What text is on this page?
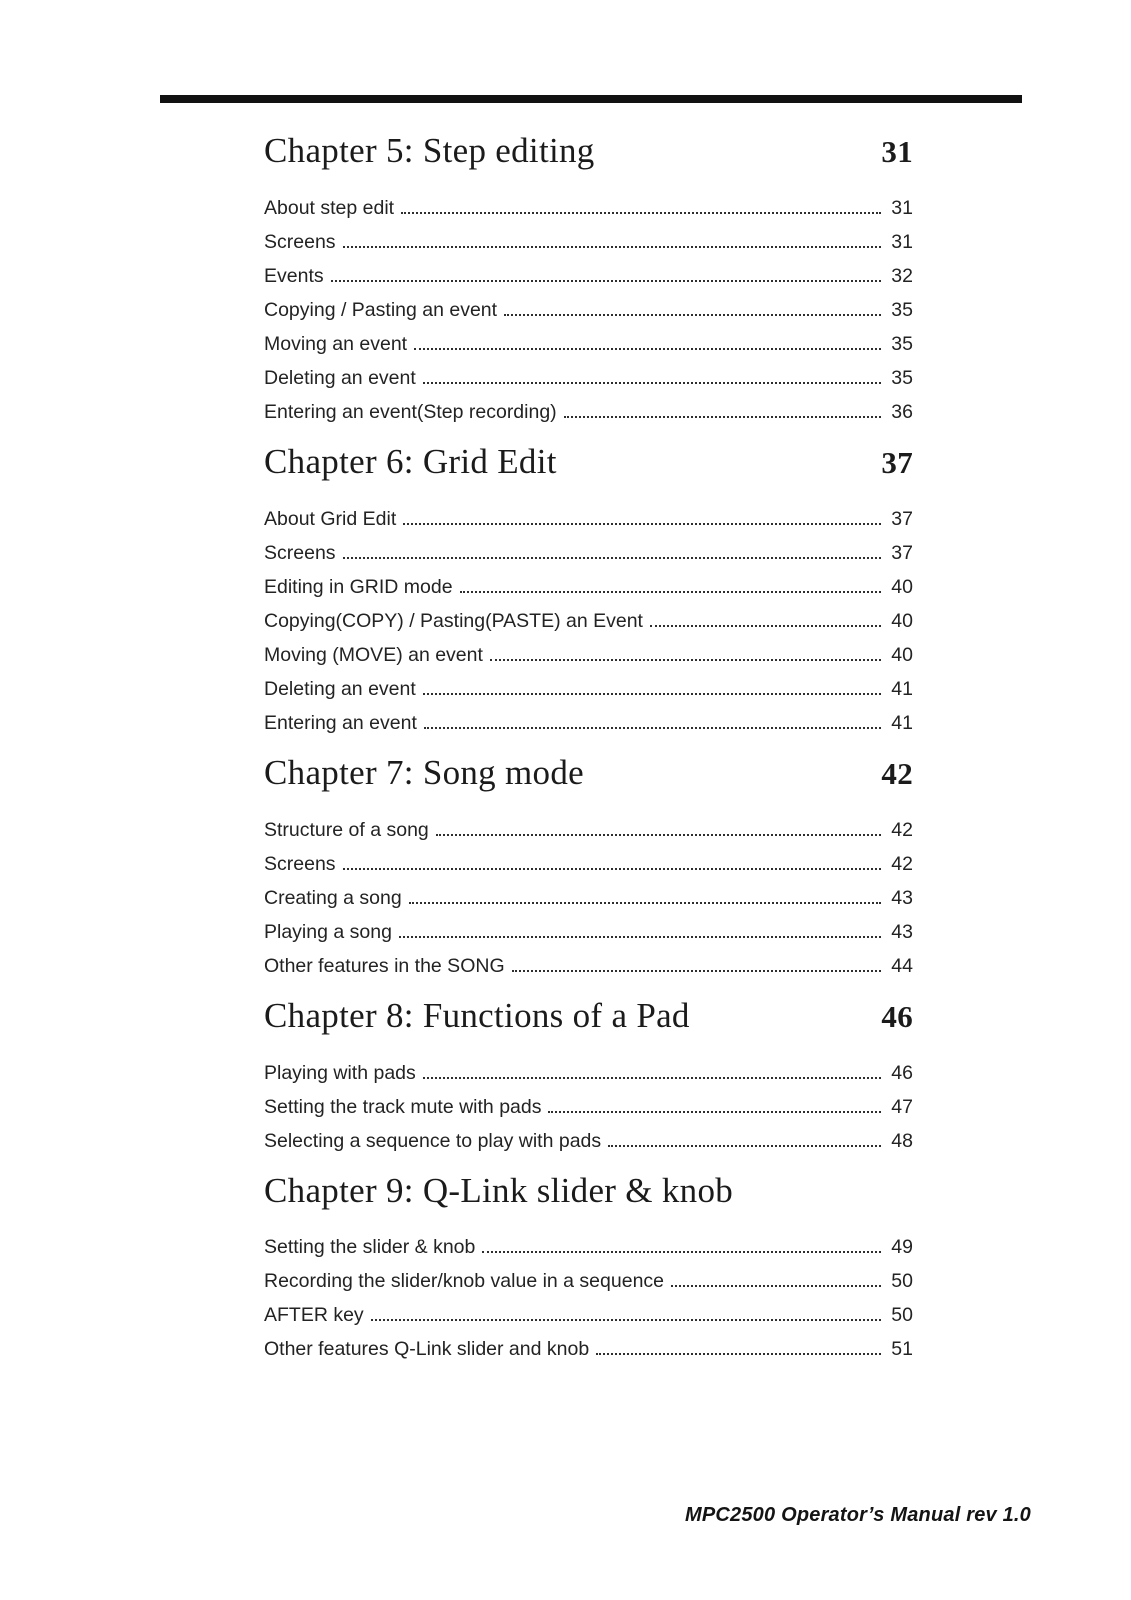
Chapter 5: Step editing	31
About step edit	31
Screens	31
Events	32
Copying / Pasting an event	35
Moving an event	35
Deleting an event	35
Entering an event(Step recording)	36
Chapter 6: Grid Edit	37
About Grid Edit	37
Screens	37
Editing in GRID mode	40
Copying(COPY) / Pasting(PASTE) an Event	40
Moving (MOVE) an event	40
Deleting an event	41
Entering an event	41
Chapter 7: Song mode	42
Structure of a song	42
Screens	42
Creating a song	43
Playing a song	43
Other features in the SONG	44
Chapter 8: Functions of a Pad	46
Playing with pads	46
Setting the track mute with pads	47
Selecting a sequence to play with pads	48
Chapter 9: Q-Link slider & knob
Setting the slider & knob	49
Recording the slider/knob value in a sequence	50
AFTER key	50
Other features Q-Link slider and knob	51
MPC2500 Operator’s Manual rev 1.0
